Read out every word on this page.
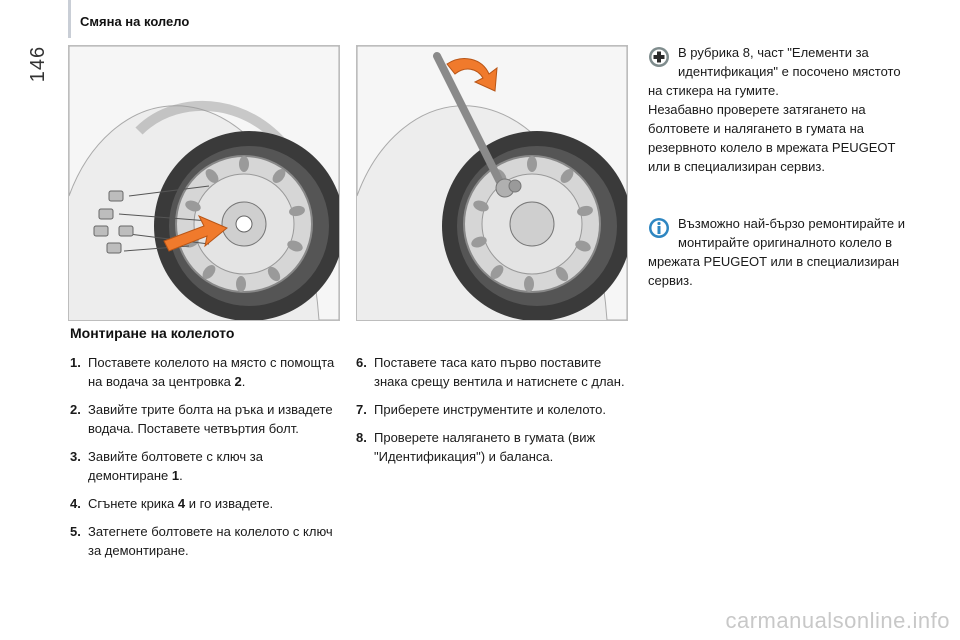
146
Смяна на колело
Монтиране на колелото
1. Поставете колелото на място с помощта на водача за центровка 2.
2. Завийте трите болта на ръка и извадете водача. Поставете четвъртия болт.
3. Завийте болтовете с ключ за демонтиране 1.
4. Сгънете крика 4 и го извадете.
5. Затегнете болтовете на колелото с ключ за демонтиране.
6. Поставете таса като първо поставите знака срещу вентила и натиснете с длан.
7. Приберете инструментите и колелото.
8. Проверете налягането в гумата (виж "Идентификация") и баланса.
В рубрика 8, част "Елементи за идентификация" е посочено мястото на стикера на гумите.
Незабавно проверете затягането на болтовете и налягането в гумата на резервното колело в мрежата PEUGEOT или в специализиран сервиз.
Възможно най-бързо ремонтирайте и монтирайте оригиналното колело в мрежата PEUGEOT или в специализиран сервиз.
carmanualsonline.info
